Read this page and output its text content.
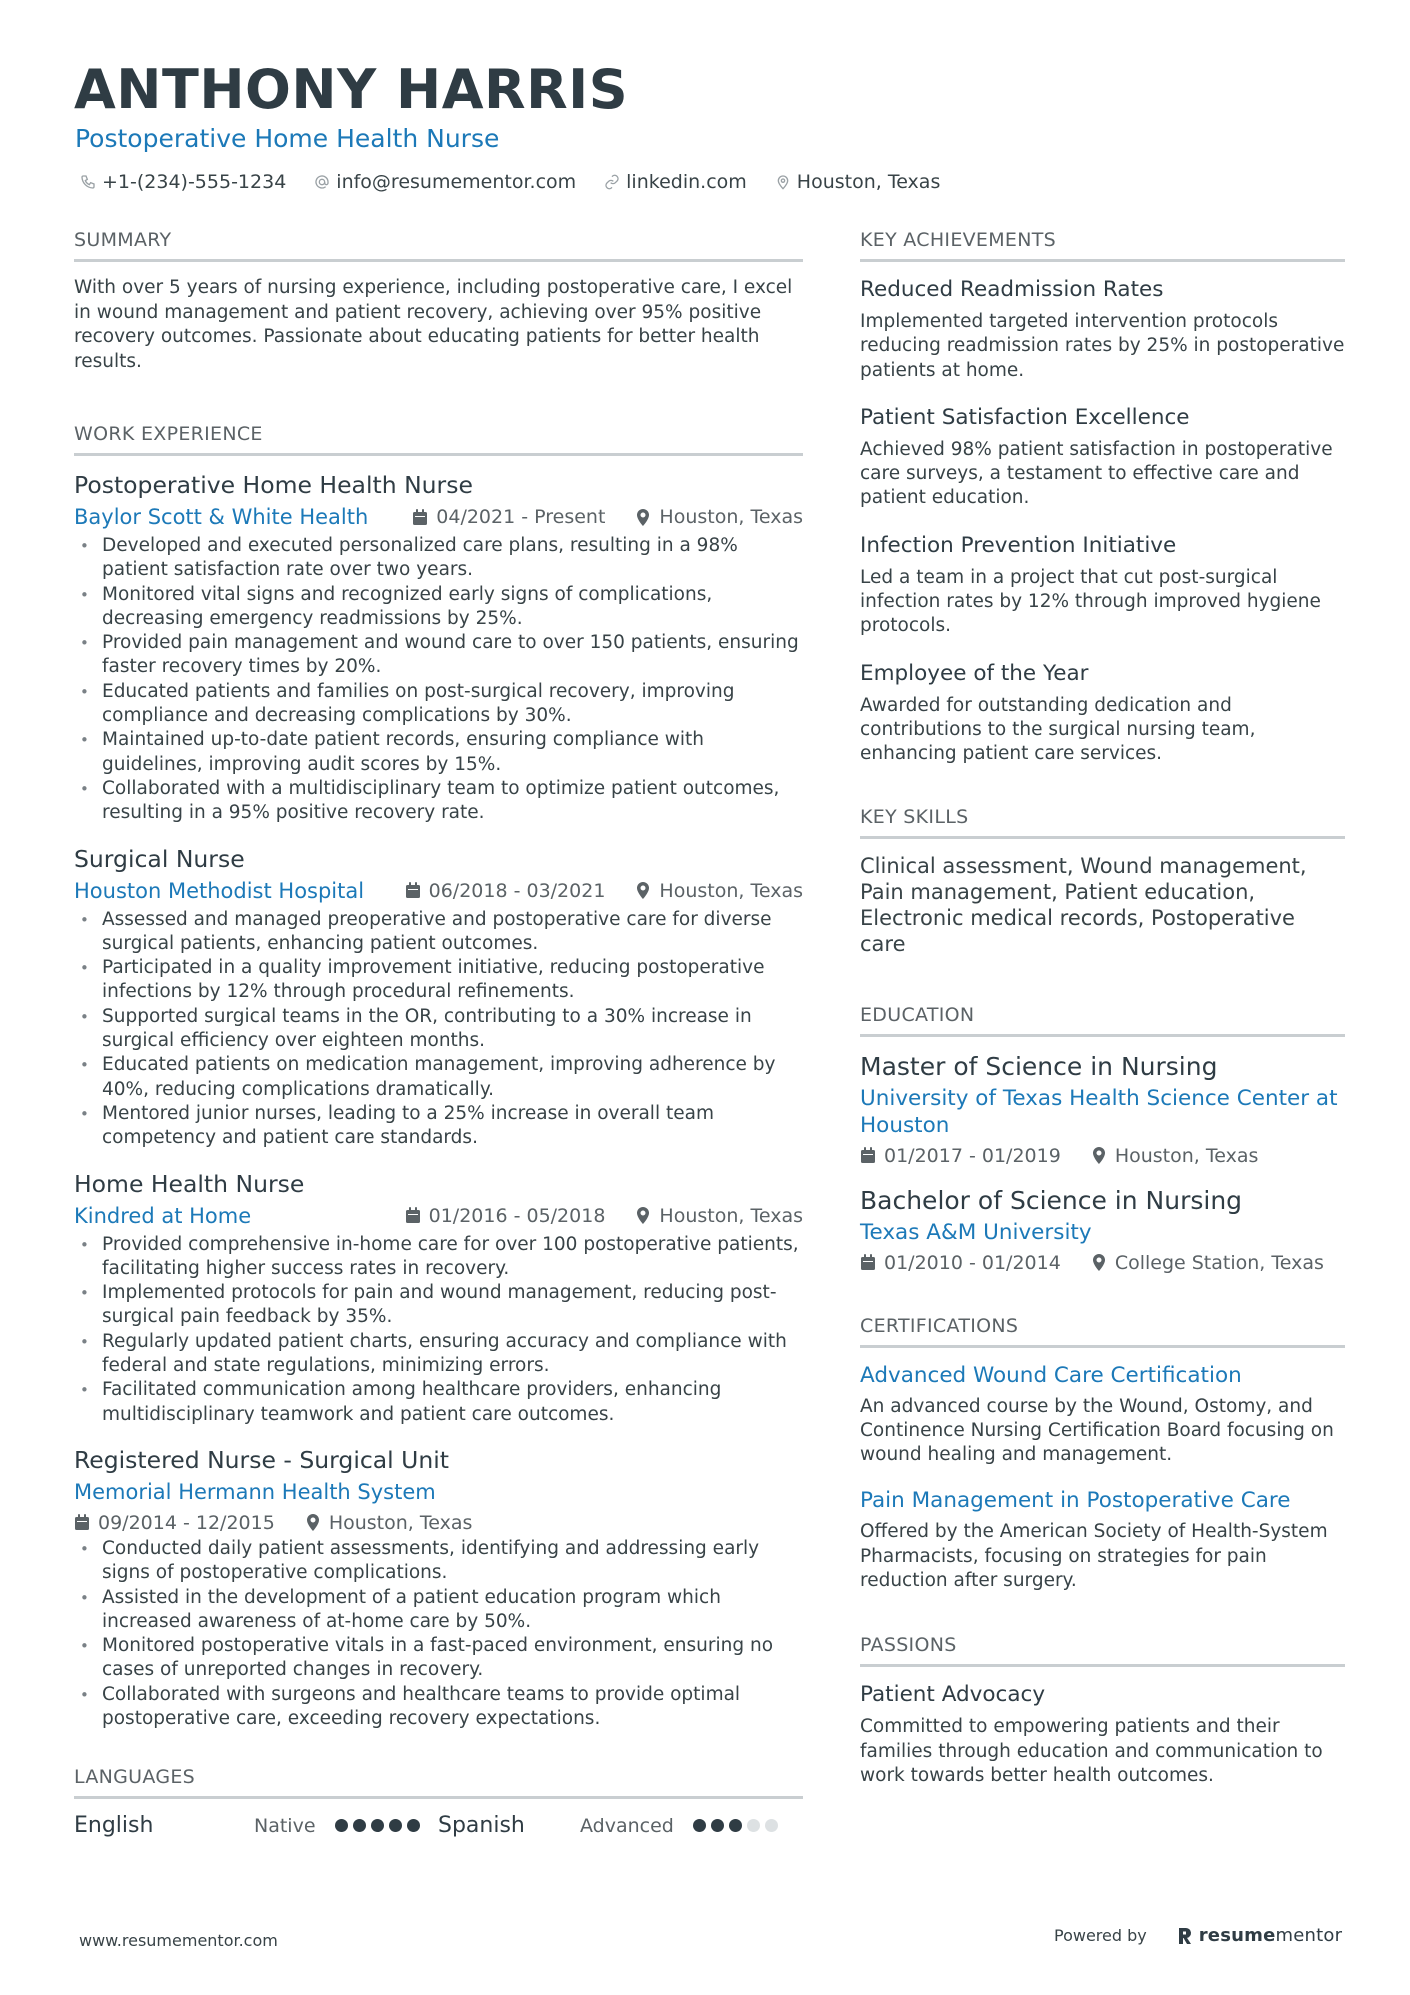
ANTHONY HARRIS
Postoperative Home Health Nurse
+1-(234)-555-1234	info@resumementor.com	linkedin.com	Houston, Texas
SUMMARY
With over 5 years of nursing experience, including postoperative care, I excel in wound management and patient recovery, achieving over 95% positive recovery outcomes. Passionate about educating patients for better health results.
WORK EXPERIENCE
Postoperative Home Health Nurse
Baylor Scott & White Health	04/2021 - Present	Houston, Texas
• Developed and executed personalized care plans, resulting in a 98% patient satisfaction rate over two years.
• Monitored vital signs and recognized early signs of complications, decreasing emergency readmissions by 25%.
• Provided pain management and wound care to over 150 patients, ensuring faster recovery times by 20%.
• Educated patients and families on post-surgical recovery, improving compliance and decreasing complications by 30%.
• Maintained up-to-date patient records, ensuring compliance with guidelines, improving audit scores by 15%.
• Collaborated with a multidisciplinary team to optimize patient outcomes, resulting in a 95% positive recovery rate.
Surgical Nurse
Houston Methodist Hospital	06/2018 - 03/2021	Houston, Texas
• Assessed and managed preoperative and postoperative care for diverse surgical patients, enhancing patient outcomes.
• Participated in a quality improvement initiative, reducing postoperative infections by 12% through procedural refinements.
• Supported surgical teams in the OR, contributing to a 30% increase in surgical efficiency over eighteen months.
• Educated patients on medication management, improving adherence by 40%, reducing complications dramatically.
• Mentored junior nurses, leading to a 25% increase in overall team competency and patient care standards.
Home Health Nurse
Kindred at Home	01/2016 - 05/2018	Houston, Texas
• Provided comprehensive in-home care for over 100 postoperative patients, facilitating higher success rates in recovery.
• Implemented protocols for pain and wound management, reducing post-surgical pain feedback by 35%.
• Regularly updated patient charts, ensuring accuracy and compliance with federal and state regulations, minimizing errors.
• Facilitated communication among healthcare providers, enhancing multidisciplinary teamwork and patient care outcomes.
Registered Nurse - Surgical Unit
Memorial Hermann Health System
09/2014 - 12/2015	Houston, Texas
• Conducted daily patient assessments, identifying and addressing early signs of postoperative complications.
• Assisted in the development of a patient education program which increased awareness of at-home care by 50%.
• Monitored postoperative vitals in a fast-paced environment, ensuring no cases of unreported changes in recovery.
• Collaborated with surgeons and healthcare teams to provide optimal postoperative care, exceeding recovery expectations.
LANGUAGES
English	Native	Spanish	Advanced
KEY ACHIEVEMENTS
Reduced Readmission Rates
Implemented targeted intervention protocols reducing readmission rates by 25% in postoperative patients at home.
Patient Satisfaction Excellence
Achieved 98% patient satisfaction in postoperative care surveys, a testament to effective care and patient education.
Infection Prevention Initiative
Led a team in a project that cut post-surgical infection rates by 12% through improved hygiene protocols.
Employee of the Year
Awarded for outstanding dedication and contributions to the surgical nursing team, enhancing patient care services.
KEY SKILLS
Clinical assessment, Wound management, Pain management, Patient education, Electronic medical records, Postoperative care
EDUCATION
Master of Science in Nursing
University of Texas Health Science Center at Houston
01/2017 - 01/2019	Houston, Texas
Bachelor of Science in Nursing
Texas A&M University
01/2010 - 01/2014	College Station, Texas
CERTIFICATIONS
Advanced Wound Care Certification
An advanced course by the Wound, Ostomy, and Continence Nursing Certification Board focusing on wound healing and management.
Pain Management in Postoperative Care
Offered by the American Society of Health-System Pharmacists, focusing on strategies for pain reduction after surgery.
PASSIONS
Patient Advocacy
Committed to empowering patients and their families through education and communication to work towards better health outcomes.
www.resumementor.com	Powered by	resume mentor
